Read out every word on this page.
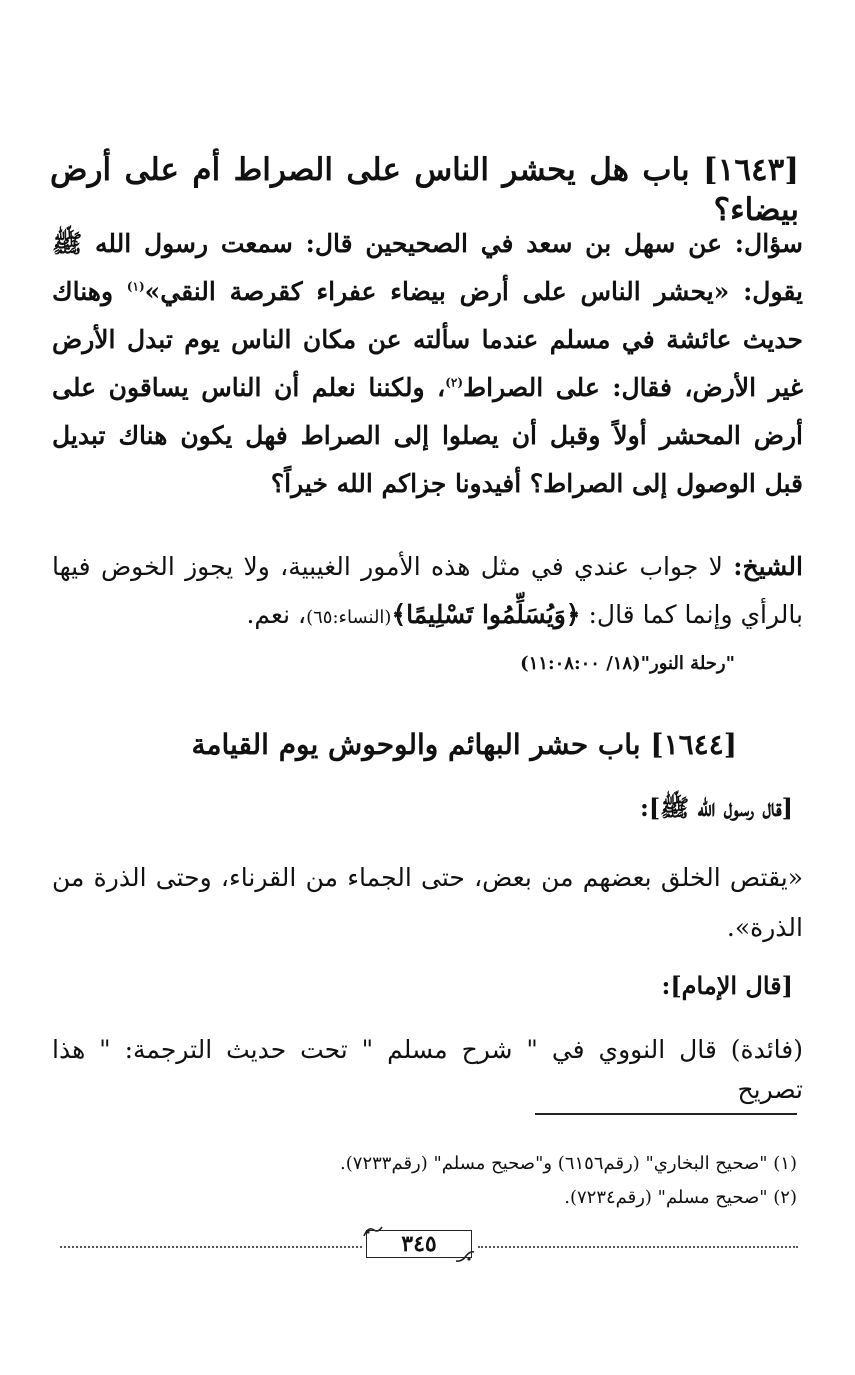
[١٦٤٣] باب هل يحشر الناس على الصراط أم على أرض بيضاء؟
سؤال: عن سهل بن سعد في الصحيحين قال: سمعت رسول الله ﷺ يقول: «يحشر الناس على أرض بيضاء عفراء كقرصة النقي»$^{(١)}$ وهناك حديث عائشة في مسلم عندما سألته عن مكان الناس يوم تبدل الأرض غير الأرض، فقال: على الصراط$^{(٢)}$، ولكننا نعلم أن الناس يساقون على أرض المحشر أولاً وقبل أن يصلوا إلى الصراط فهل يكون هناك تبديل قبل الوصول إلى الصراط؟ أفيدونا جزاكم الله خيراً؟
الشيخ: لا جواب عندي في مثل هذه الأمور الغيبية، ولا يجوز الخوض فيها بالرأي وإنما كما قال: ﴿وَيُسَلِّمُوا تَسْلِيمًا﴾(النساء:٦٥)، نعم.
"رحلة النور"(١٨/ ١١:٠٨:٠٠)
[١٦٤٤] باب حشر البهائم والوحوش يوم القيامة
[قال رسول الله ﷺ]:
«يقتص الخلق بعضهم من بعض، حتى الجماء من القرناء، وحتى الذرة من الذرة».
[قال الإمام]:
(فائدة) قال النووي في " شرح مسلم " تحت حديث الترجمة: " هذا تصريح
(١) "صحيح البخاري" (رقم٦١٥٦) و"صحيح مسلم" (رقم٧٢٣٣).
(٢) "صحيح مسلم" (رقم٧٢٣٤).
٣٤٥
